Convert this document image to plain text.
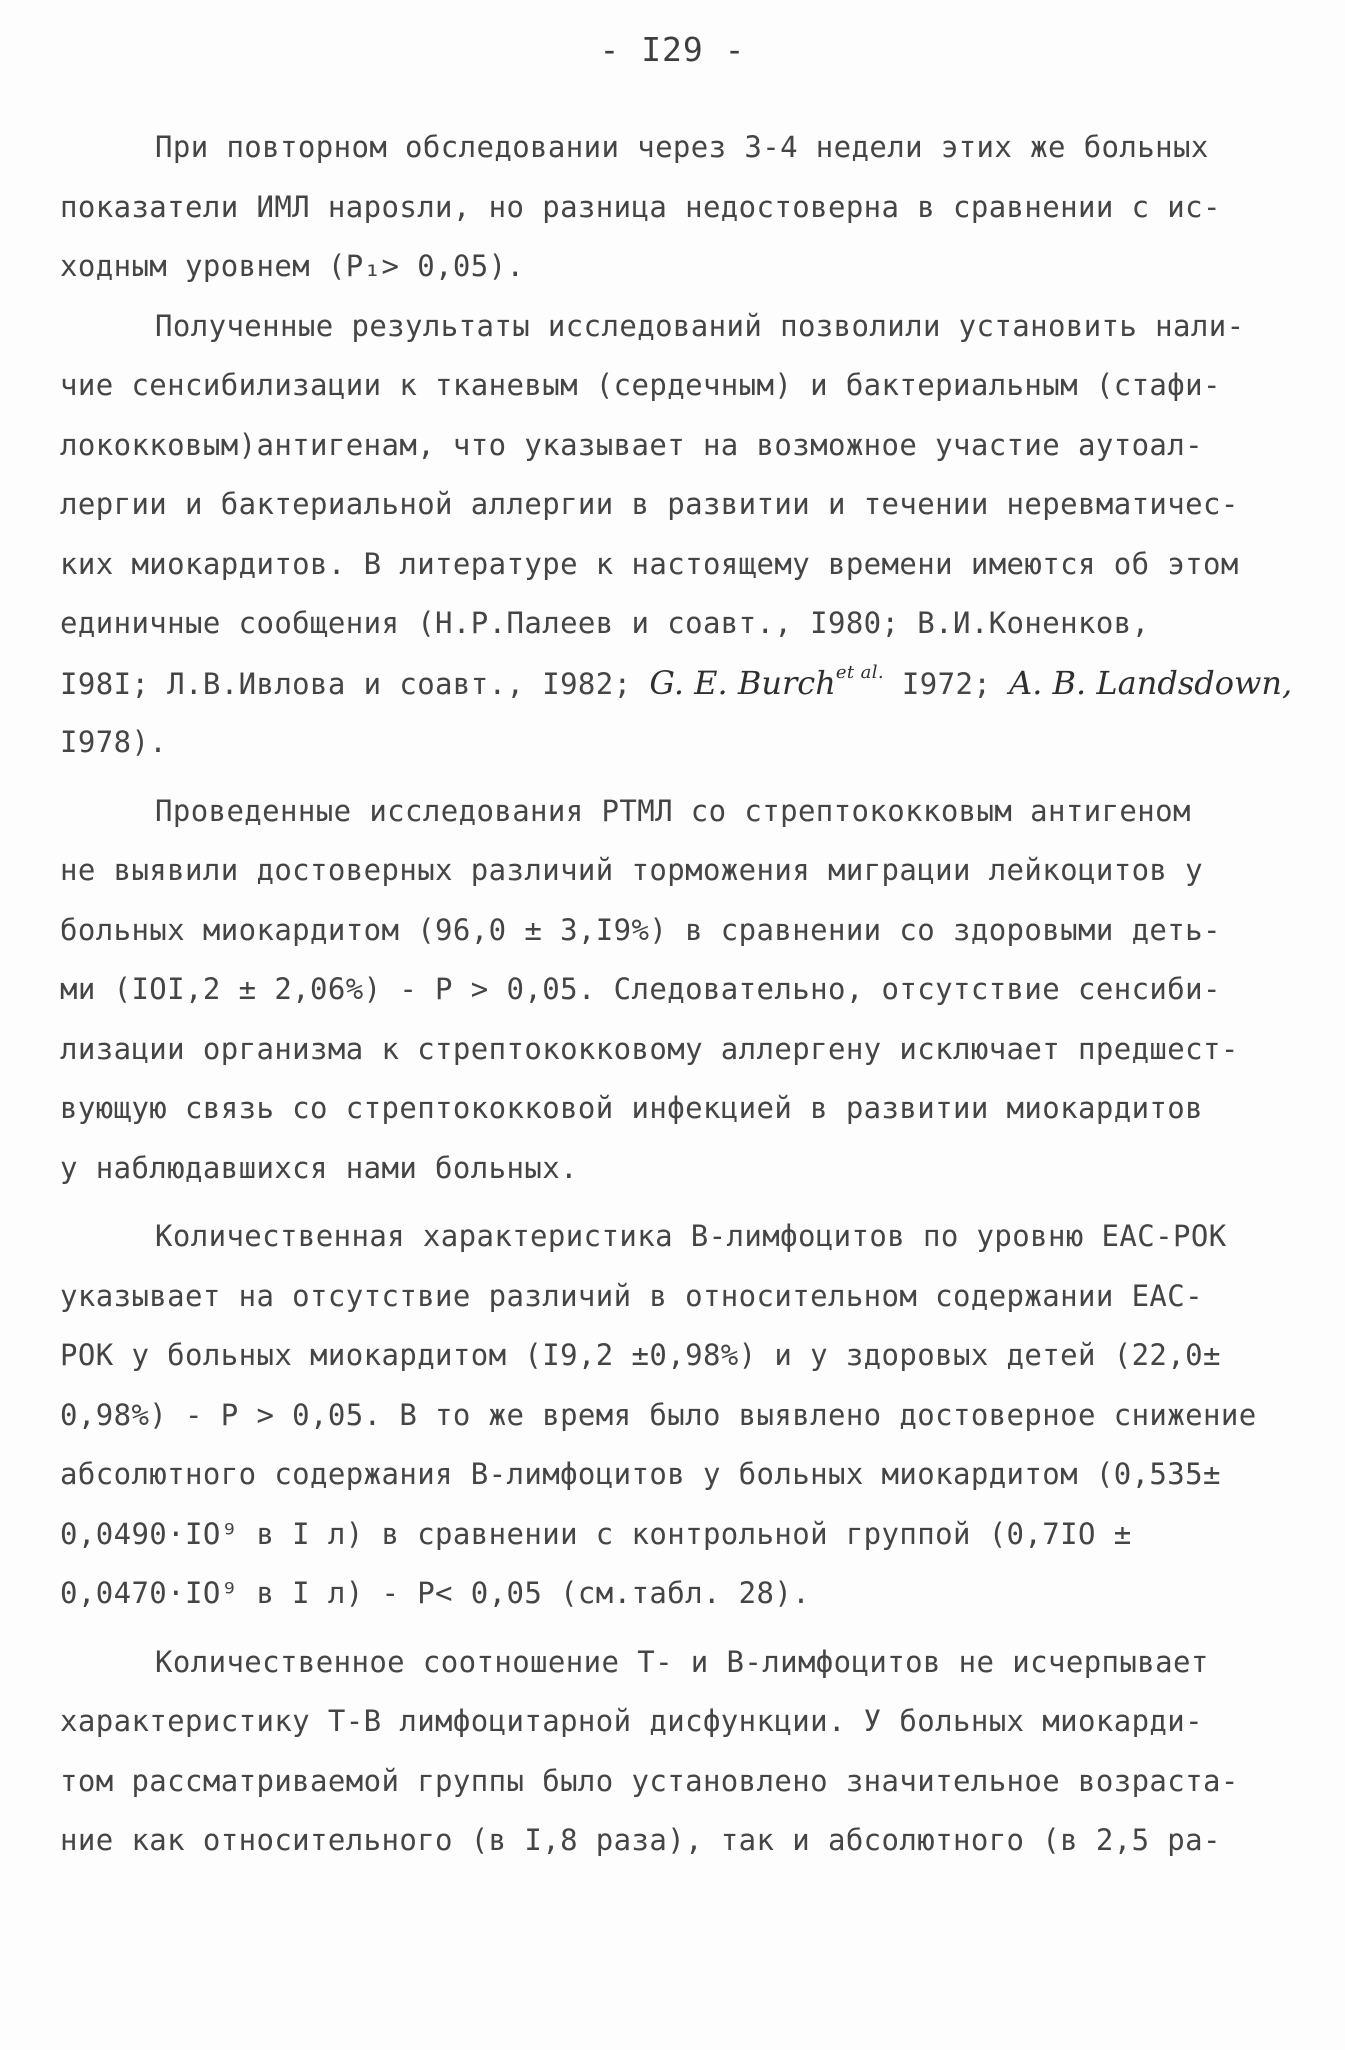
- I29 -
При повторном обследовании через 3-4 недели этих же больных
показатели ИМЛ нарosли, но разница недостоверна в сравнении с ис-
ходным уровнем (Р₁> 0,05).
Полученные результаты исследований позволили установить нали-
чие сенсибилизации к тканевым (сердечным) и бактериальным (стафи-
лококковым)антигенам, что указывает на возможное участие аутоал-
лергии и бактериальной аллергии в развитии и течении неревматичес-
ких миокардитов. В литературе к настоящему времени имеются об этом
единичные сообщения (Н.Р.Палеев и соавт., I980; В.И.Коненков,
I98I; Л.В.Ивлова и соавт., I982; G. E. Burch$^{et al.}$ I972; A. B. Landsdown,
I978).
Проведенные исследования РТМЛ со стрептококковым антигеном
не выявили достоверных различий торможения миграции лейкоцитов у
больных миокардитом (96,0 ± 3,I9%) в сравнении со здоровыми деть-
ми (IOI,2 ± 2,06%) - Р > 0,05. Следовательно, отсутствие сенсиби-
лизации организма к стрептококковому аллергену исключает предшест-
вующую связь со стрептококковой инфекцией в развитии миокардитов
у наблюдавшихся нами больных.
Количественная характеристика В-лимфоцитов по уровню ЕАС-РОК
указывает на отсутствие различий в относительном содержании ЕАС-
РОК у больных миокардитом (I9,2 ±0,98%) и у здоровых детей (22,0±
0,98%) - Р > 0,05. В то же время было выявлено достоверное снижение
абсолютного содержания В-лимфоцитов у больных миокардитом (0,535±
0,0490·IO⁹ в I л) в сравнении с контрольной группой (0,7IO ±
0,0470·IO⁹ в I л) - Р< 0,05 (см.табл. 28).
Количественное соотношение Т- и В-лимфоцитов не исчерпывает
характеристику Т-В лимфоцитарной дисфункции. У больных миокарди-
том рассматриваемой группы было установлено значительное возраста-
ние как относительного (в I,8 раза), так и абсолютного (в 2,5 ра-
